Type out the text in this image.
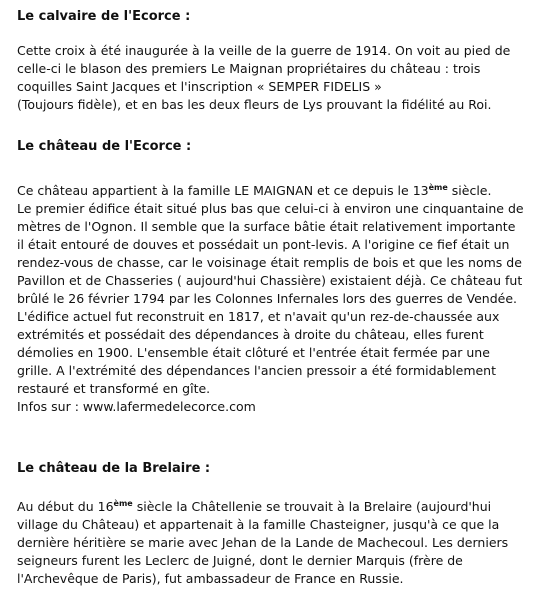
Le calvaire de l'Ecorce :
Cette croix à été inaugurée à la veille de la guerre de 1914. On voit au pied de
celle-ci le blason des premiers Le Maignan propriétaires du château : trois
coquilles Saint Jacques et l'inscription « SEMPER FIDELIS »
(Toujours fidèle), et en bas les deux fleurs de Lys prouvant la fidélité au Roi.
Le château de l'Ecorce :
Ce château appartient à la famille LE MAIGNAN et ce depuis le 13ème siècle.
Le premier édifice était situé plus bas que celui-ci à environ une cinquantaine de
mètres de l'Ognon. Il semble que la surface bâtie était relativement importante
il était entouré de douves et possédait un pont-levis. A l'origine ce fief était un
rendez-vous de chasse, car le voisinage était remplis de bois et que les noms de
Pavillon et de Chasseries ( aujourd'hui Chassière) existaient déjà. Ce château fut
brûlé le 26 février 1794 par les Colonnes Infernales lors des guerres de Vendée.
L'édifice actuel fut reconstruit en 1817, et n'avait qu'un rez-de-chaussée aux
extrémités et possédait des dépendances à droite du château, elles furent
démolies en 1900. L'ensemble était clôturé et l'entrée était fermée par une
grille. A l'extrémité des dépendances l'ancien pressoir a été formidablement
restauré et transformé en gîte.
Infos sur : www.lafermedelecorce.com
Le château de la Brelaire :
Au début du 16ème siècle la Châtellenie se trouvait à la Brelaire (aujourd'hui
village du Château) et appartenait à la famille Chasteigner, jusqu'à ce que la
dernière héritière se marie avec Jehan de la Lande de Machecoul. Les derniers
seigneurs furent les Leclerc de Juigné, dont le dernier Marquis (frère de
l'Archevêque de Paris), fut ambassadeur de France en Russie.
